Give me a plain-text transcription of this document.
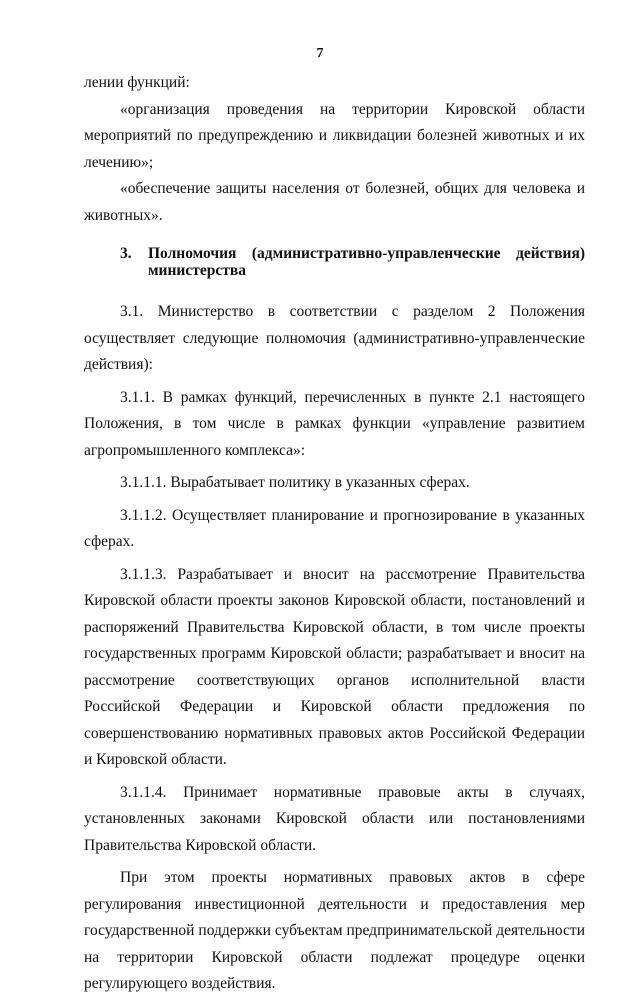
7

лении функций:

«организация проведения на территории Кировской области мероприятий по предупреждению и ликвидации болезней животных и их лечению»;

«обеспечение защиты населения от болезней, общих для человека и животных».

3. Полномочия (административно-управленческие действия)
министерства

3.1. Министерство в соответствии с разделом 2 Положения осуществляет следующие полномочия (административно-управленческие действия):

3.1.1. В рамках функций, перечисленных в пункте 2.1 настоящего Положения, в том числе в рамках функции «управление развитием агропромышленного комплекса»:

3.1.1.1. Вырабатывает политику в указанных сферах.

3.1.1.2. Осуществляет планирование и прогнозирование в указанных сферах.

3.1.1.3. Разрабатывает и вносит на рассмотрение Правительства Кировской области проекты законов Кировской области, постановлений и распоряжений Правительства Кировской области, в том числе проекты государственных программ Кировской области; разрабатывает и вносит на рассмотрение соответствующих органов исполнительной власти Российской Федерации и Кировской области предложения по совершенствованию нормативных правовых актов Российской Федерации и Кировской области.

3.1.1.4. Принимает нормативные правовые акты в случаях, установленных законами Кировской области или постановлениями Правительства Кировской области.

При этом проекты нормативных правовых актов в сфере регулирования инвестиционной деятельности и предоставления мер государственной поддержки субъектам предпринимательской деятельности на территории Кировской области подлежат процедуре оценки регулирующего воздействия.
